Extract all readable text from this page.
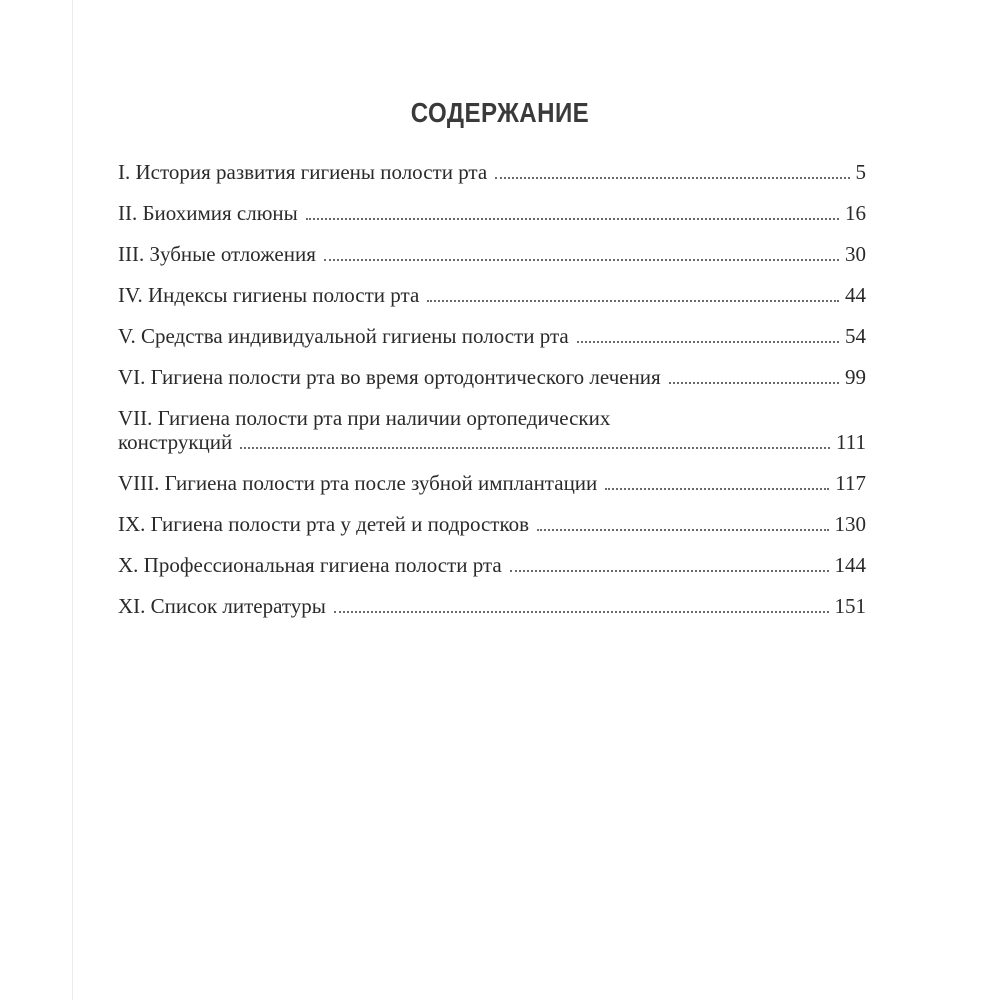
СОДЕРЖАНИЕ
I. История развития гигиены полости рта	5
II. Биохимия слюны	16
III. Зубные отложения	30
IV. Индексы гигиены полости рта	44
V. Средства индивидуальной гигиены полости рта	54
VI. Гигиена полости рта во время ортодонтического лечения	99
VII. Гигиена полости рта при наличии ортопедических
конструкций	111
VIII. Гигиена полости рта после зубной имплантации	117
IX. Гигиена полости рта у детей и подростков	130
X. Профессиональная гигиена полости рта	144
XI. Список литературы	151
